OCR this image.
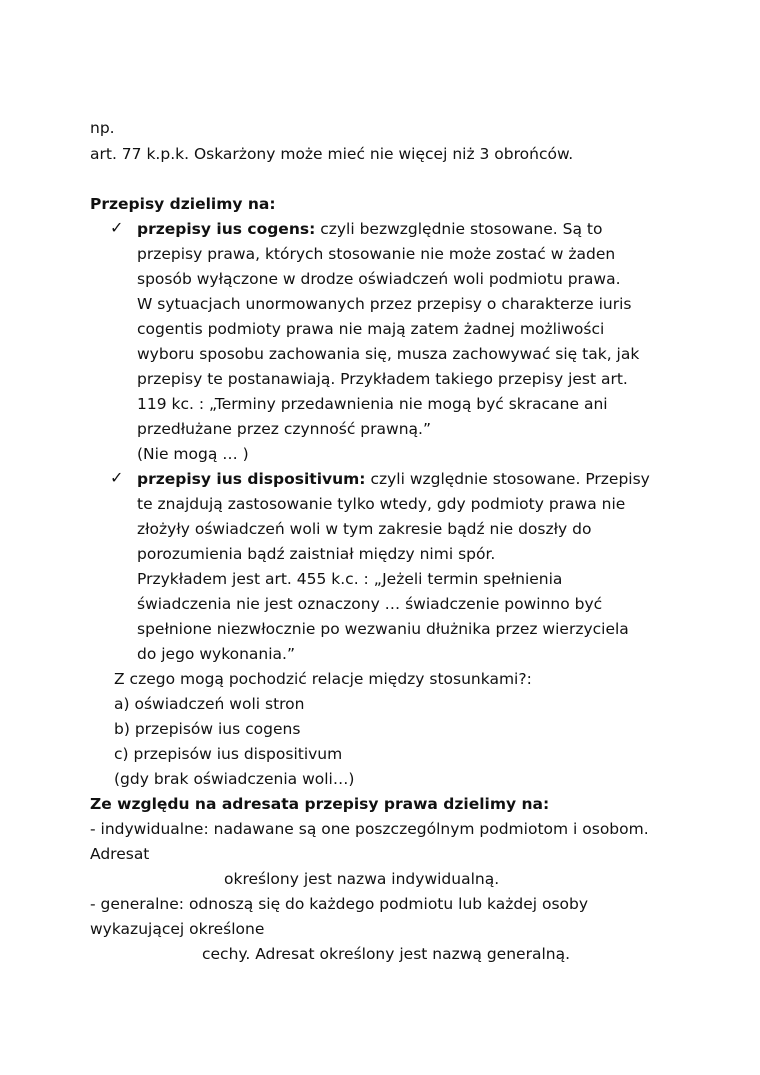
np.
art. 77 k.p.k. Oskarżony może mieć nie więcej niż 3 obrońców.
Przepisy dzielimy na:
✓ przepisy ius cogens: czyli bezwzględnie stosowane. Są to
przepisy prawa, których stosowanie nie może zostać w żaden
sposób wyłączone w drodze oświadczeń woli podmiotu prawa.
W sytuacjach unormowanych przez przepisy o charakterze iuris
cogentis podmioty prawa nie mają zatem żadnej możliwości
wyboru sposobu zachowania się, musza zachowywać się tak, jak
przepisy te postanawiają. Przykładem takiego przepisy jest art.
119 kc. : „Terminy przedawnienia nie mogą być skracane ani
przedłużane przez czynność prawną.”
(Nie mogą … )
✓ przepisy ius dispositivum: czyli względnie stosowane. Przepisy
te znajdują zastosowanie tylko wtedy, gdy podmioty prawa nie
złożyły oświadczeń woli w tym zakresie bądź nie doszły do
porozumienia bądź zaistniał między nimi spór.
Przykładem jest art. 455 k.c. : „Jeżeli termin spełnienia
świadczenia nie jest oznaczony … świadczenie powinno być
spełnione niezwłocznie po wezwaniu dłużnika przez wierzyciela
do jego wykonania.”
Z czego mogą pochodzić relacje między stosunkami?:
a) oświadczeń woli stron
b) przepisów ius cogens
c) przepisów ius dispositivum
(gdy brak oświadczenia woli…)
Ze względu na adresata przepisy prawa dzielimy na:
- indywidualne: nadawane są one poszczególnym podmiotom i osobom.
Adresat
określony jest nazwa indywidualną.
- generalne: odnoszą się do każdego podmiotu lub każdej osoby
wykazującej określone
cechy. Adresat określony jest nazwą generalną.
